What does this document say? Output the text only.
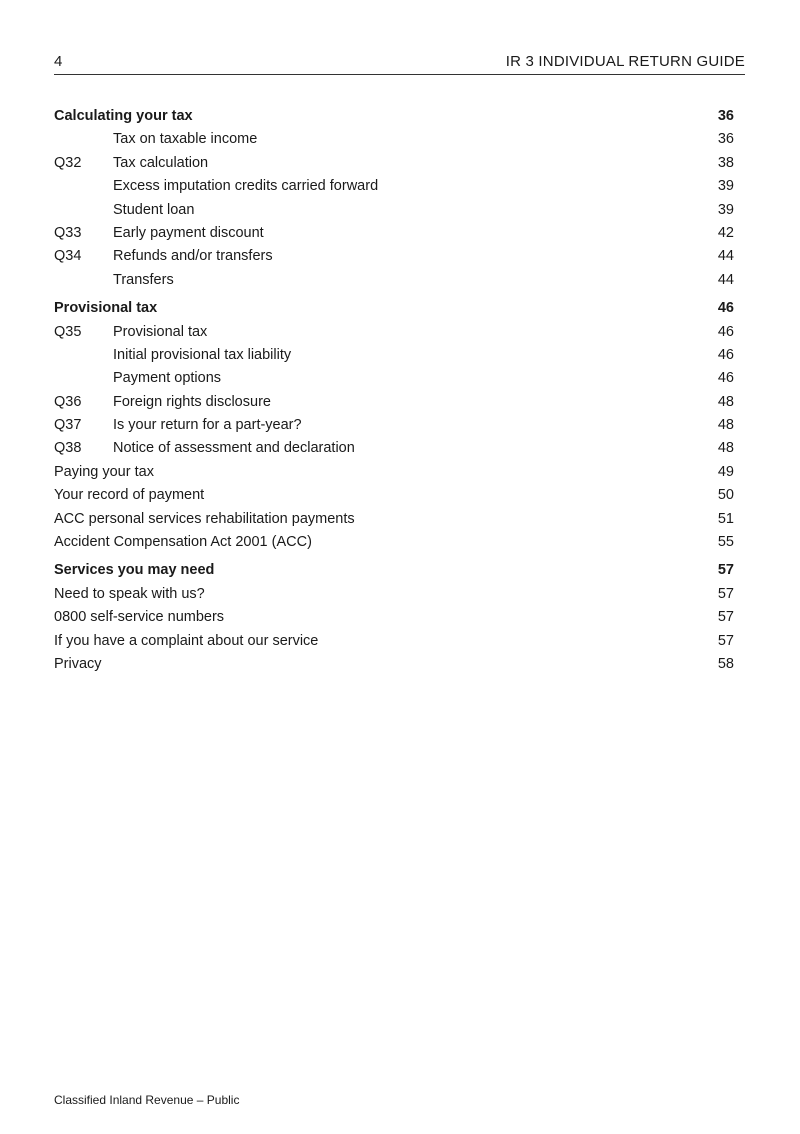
4	IR 3 INDIVIDUAL RETURN GUIDE
Calculating your tax	36
Tax on taxable income	36
Q32 Tax calculation	38
Excess imputation credits carried forward	39
Student loan	39
Q33 Early payment discount	42
Q34 Refunds and/or transfers	44
Transfers	44
Provisional tax	46
Q35 Provisional tax	46
Initial provisional tax liability	46
Payment options	46
Q36 Foreign rights disclosure	48
Q37 Is your return for a part-year?	48
Q38 Notice of assessment and declaration	48
Paying your tax	49
Your record of payment	50
ACC personal services rehabilitation payments	51
Accident Compensation Act 2001 (ACC)	55
Services you may need	57
Need to speak with us?	57
0800 self-service numbers	57
If you have a complaint about our service	57
Privacy	58
Classified Inland Revenue – Public
